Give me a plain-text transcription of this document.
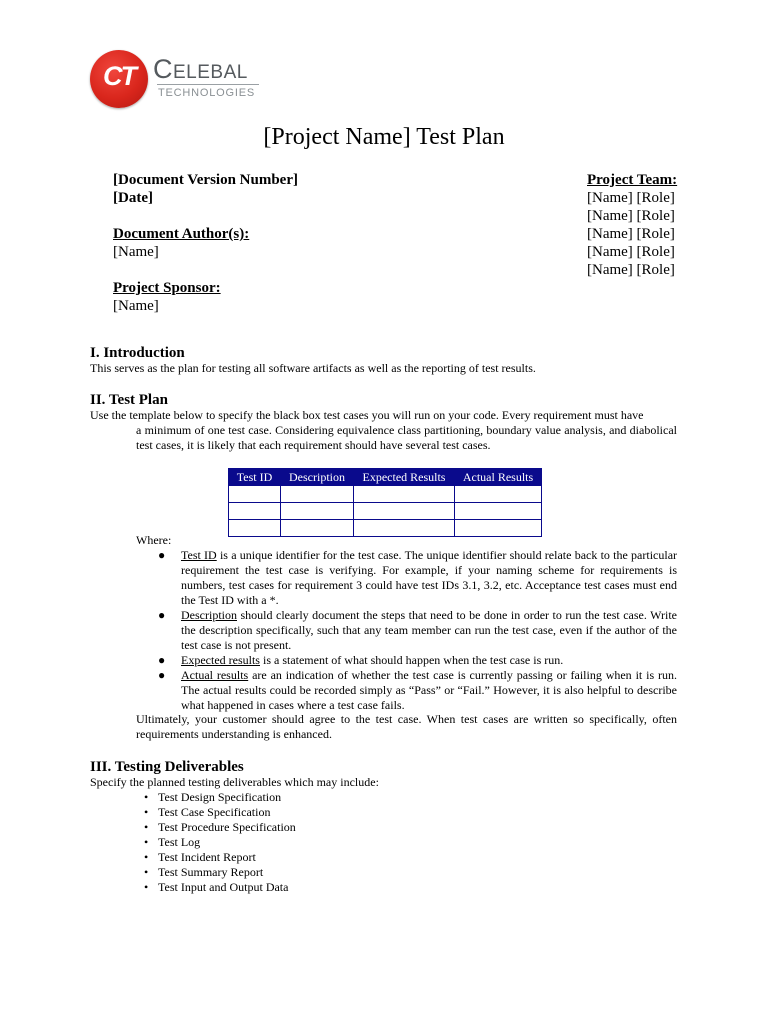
CT Celebal
TECHNOLOGIES
[Project Name] Test Plan
[Document Version Number]
[Date]
Document Author(s):
[Name]
Project Sponsor:
[Name]
Project Team:
[Name] [Role]
[Name] [Role]
[Name] [Role]
[Name] [Role]
[Name] [Role]
I. Introduction
This serves as the plan for testing all software artifacts as well as the reporting of test results.
II. Test Plan
Use the template below to specify the black box test cases you will run on your code. Every requirement must have
a minimum of one test case. Considering equivalence class partitioning, boundary value analysis, and diabolical test cases, it is likely that each requirement should have several test cases.
Test ID	Description	Expected Results	Actual Results

Where:
● Test ID is a unique identifier for the test case. The unique identifier should relate back to the particular requirement the test case is verifying. For example, if your naming scheme for requirements is numbers, test cases for requirement 3 could have test IDs 3.1, 3.2, etc. Acceptance test cases must end the Test ID with a *.
● Description should clearly document the steps that need to be done in order to run the test case. Write the description specifically, such that any team member can run the test case, even if the author of the test case is not present.
● Expected results is a statement of what should happen when the test case is run.
● Actual results are an indication of whether the test case is currently passing or failing when it is run. The actual results could be recorded simply as “Pass” or “Fail.” However, it is also helpful to describe what happened in cases where a test case fails.
Ultimately, your customer should agree to the test case. When test cases are written so specifically, often requirements understanding is enhanced.
III. Testing Deliverables
Specify the planned testing deliverables which may include:
• Test Design Specification
• Test Case Specification
• Test Procedure Specification
• Test Log
• Test Incident Report
• Test Summary Report
• Test Input and Output Data
